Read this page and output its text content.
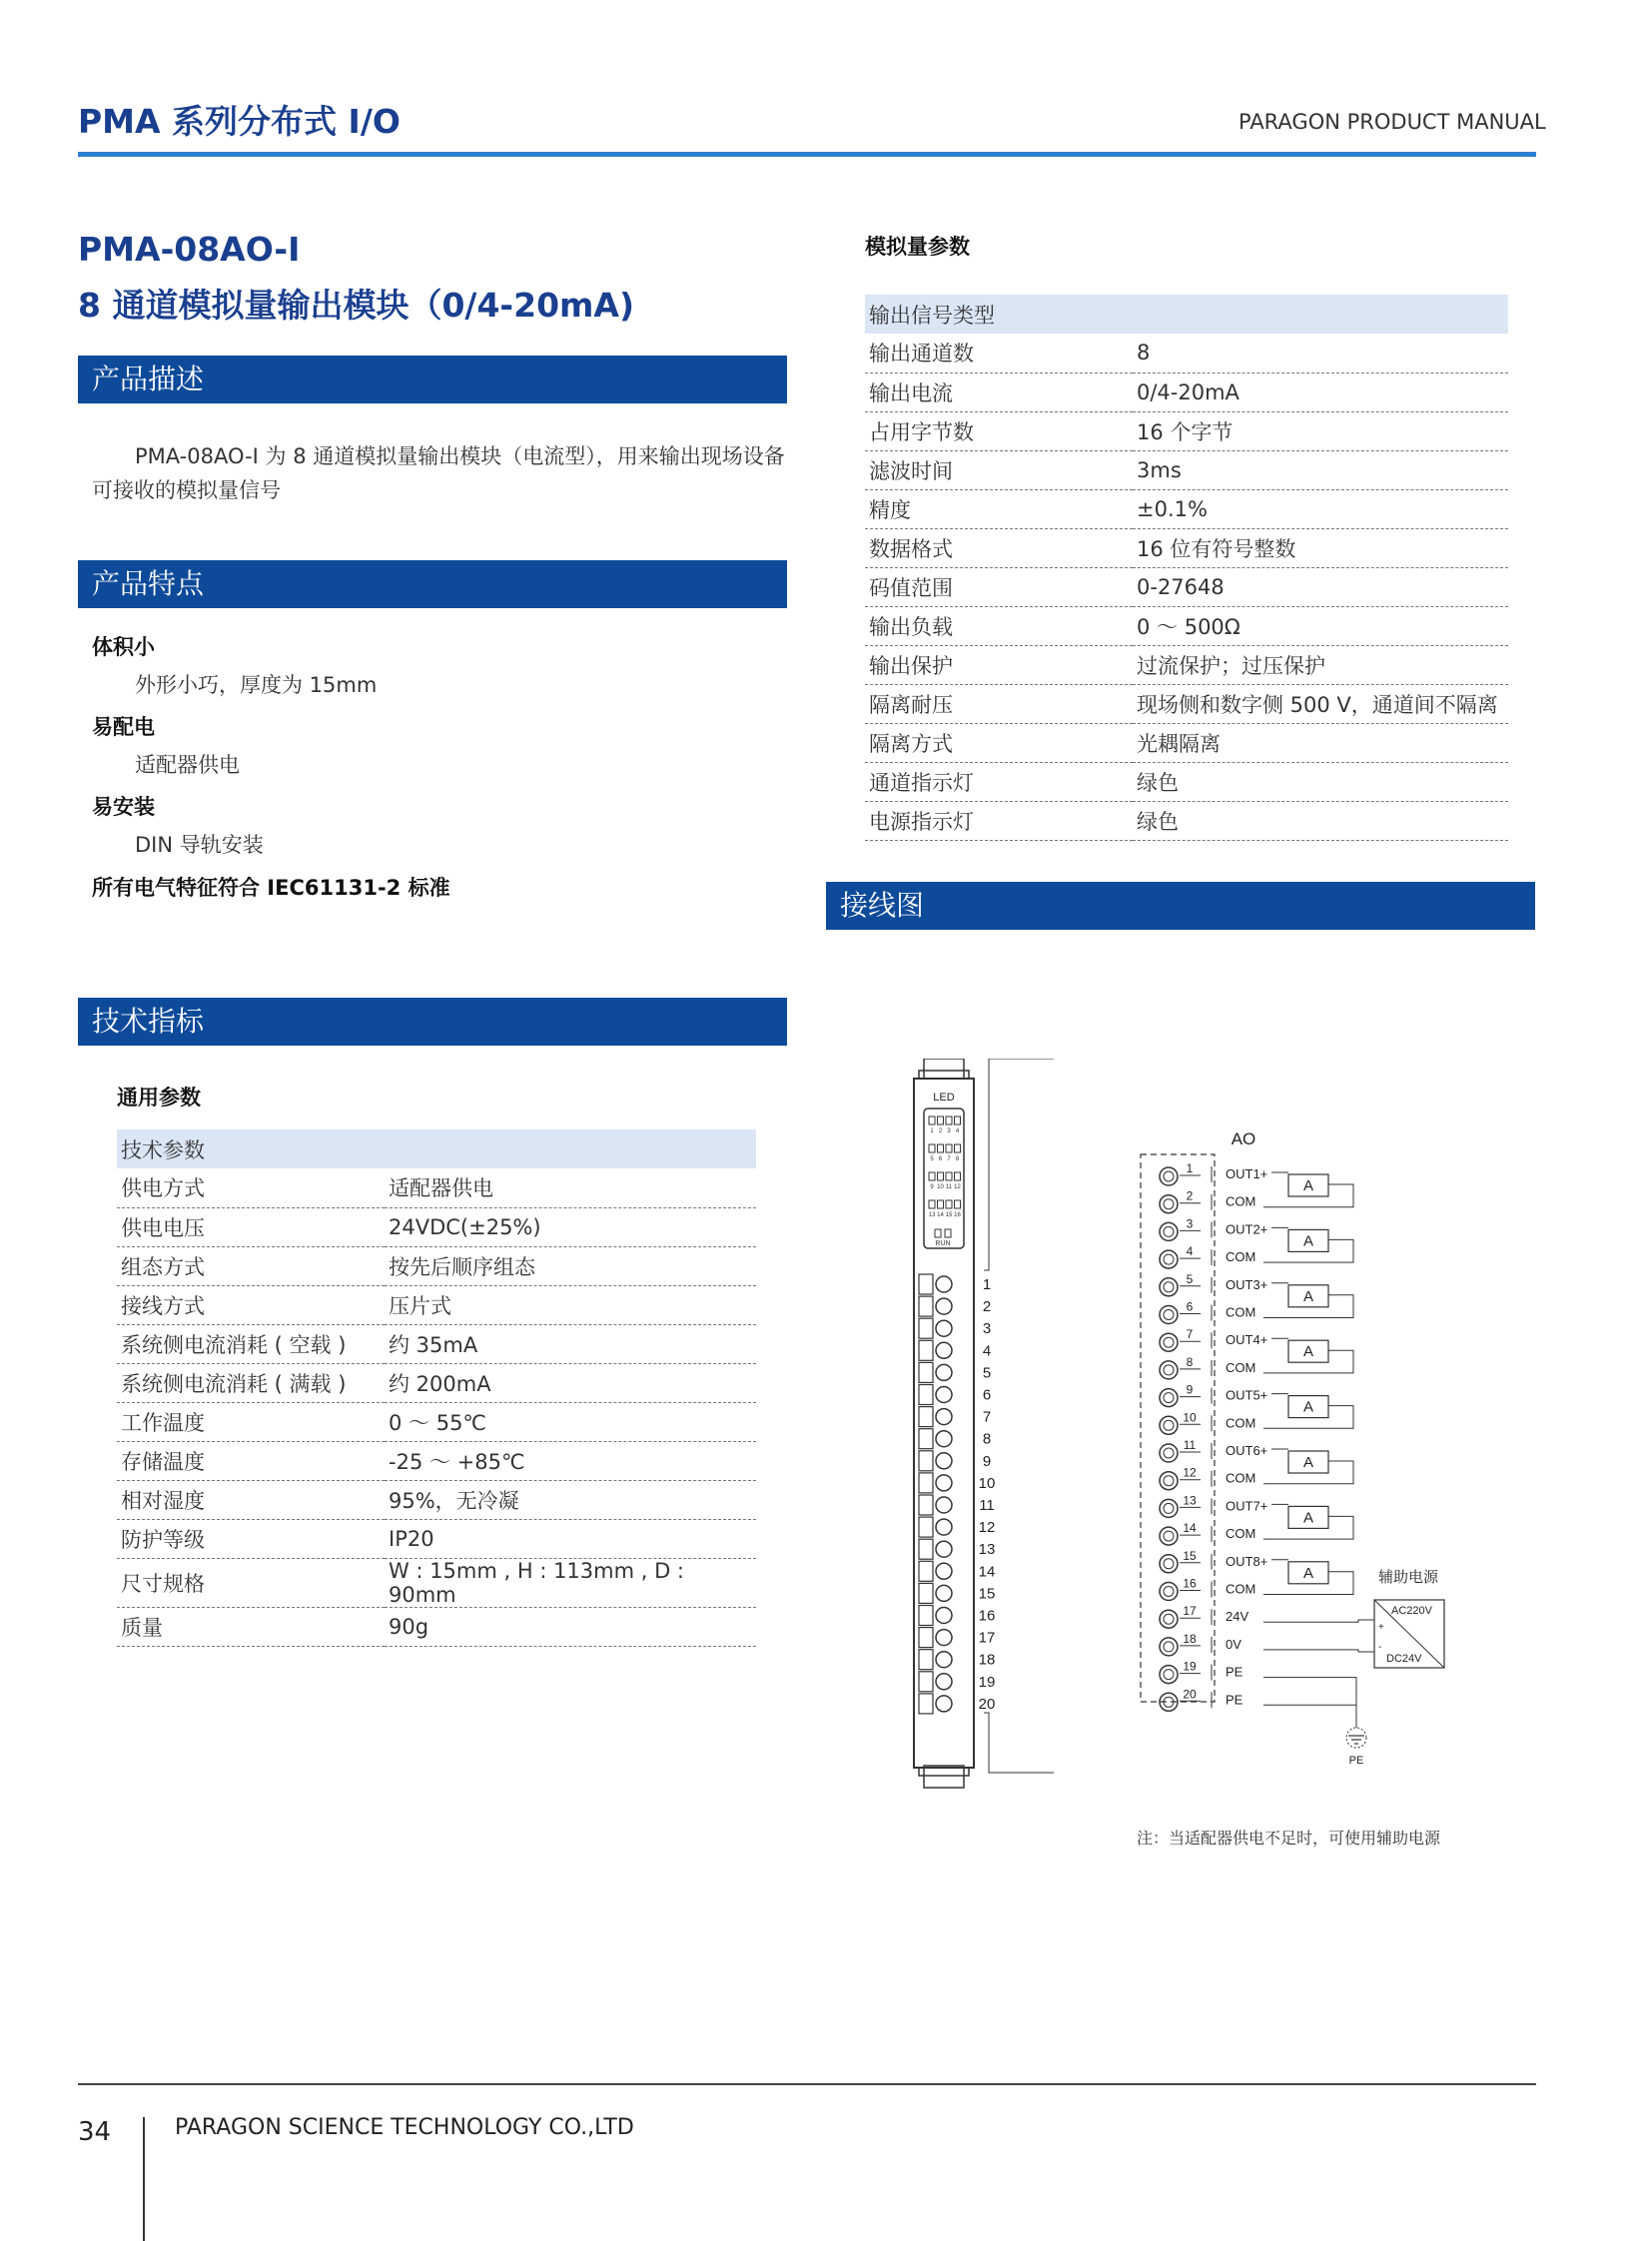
PMA 系列分布式 I/O	PARAGON PRODUCT MANUAL
PMA-08AO-I
8 通道模拟量输出模块（0/4-20mA)
产品描述
PMA-08AO-I 为 8 通道模拟量输出模块（电流型），用来输出现场设备可接收的模拟量信号
产品特点
体积小
外形小巧，厚度为 15mm
易配电
适配器供电
易安装
DIN 导轨安装
所有电气特征符合 IEC61131-2 标准
技术指标
通用参数
技术参数	
供电方式	适配器供电
供电电压	24VDC(±25%)
组态方式	按先后顺序组态
接线方式	压片式
系统侧电流消耗 ( 空载 )	约 35mA
系统侧电流消耗 ( 满载 )	约 200mA
工作温度	0 ～ 55℃
存储温度	-25 ～ +85℃
相对湿度	95%，无冷凝
防护等级	IP20
尺寸规格	W : 15mm , H : 113mm , D : 90mm
质量	90g
模拟量参数
输出信号类型	
输出通道数	8
输出电流	0/4-20mA
占用字节数	16 个字节
滤波时间	3ms
精度	±0.1%
数据格式	16 位有符号整数
码值范围	0-27648
输出负载	0 ～ 500Ω
输出保护	过流保护；过压保护
隔离耐压	现场侧和数字侧 500 V，通道间不隔离
隔离方式	光耦隔离
通道指示灯	绿色
电源指示灯	绿色
接线图
LED
1 2 3 4
5 6 7 8
9 10 11 12
13 14 15 16
RUN
1
2
3
4
5
6
7
8
9
10
11
12
13
14
15
16
17
18
19
20
AO
1	OUT1+
2	COM
3	OUT2+
4	COM
5	OUT3+
6	COM
7	OUT4+
8	COM
9	OUT5+
10 COM
11 OUT6+
12 COM
13 OUT7+
14 COM
15 OUT8+
16 COM
17 24V
18 0V
19 PE
20 PE
A
A
A
A
A
A
A
A	辅助电源
AC220V
DC24V
+
-
PE
注：当适配器供电不足时，可使用辅助电源
34	PARAGON SCIENCE TECHNOLOGY CO.,LTD
